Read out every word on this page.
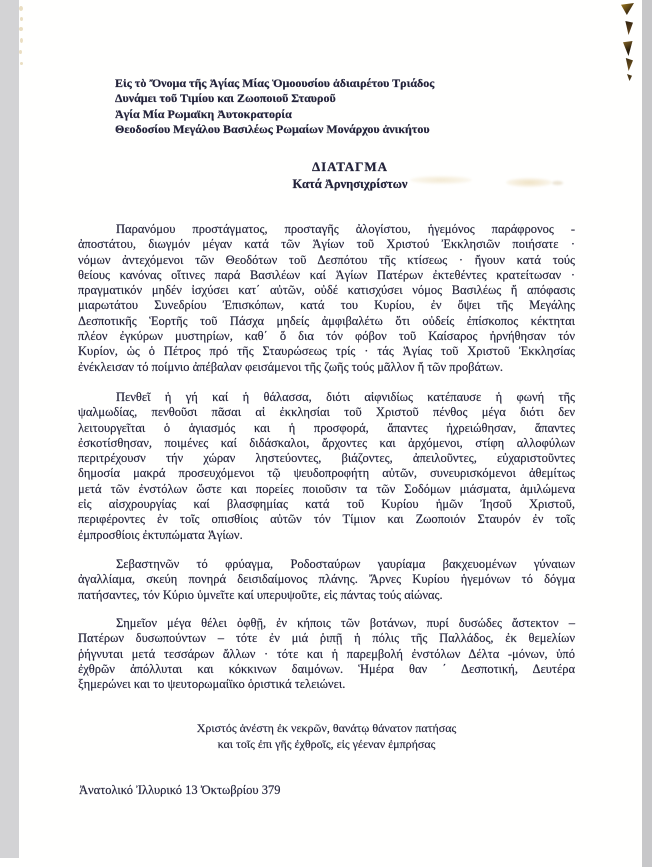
Εἰς τὸ Ὄνομα τῆς Ἁγίας Μίας Ὁμοουσίου ἀδιαιρέτου Τριάδος
Δυνάμει τοῦ Τιμίου και Ζωοποιοῦ Σταυροῦ
Ἁγία Μία Ρωμαϊκη Ἀυτοκρατορία
Θεοδοσίου Μεγάλου Βασιλέως Ρωμαίων Μονάρχου ἀνικήτου
ΔΙΑΤΑΓΜΑ
Κατά Ἀρνησιχρίστων
Παρανόμου προστάγματος, προσταγῆς ἀλογίστου, ἡγεμόνος παράφρονος -
ἀποστάτου, διωγμόν μέγαν κατά τῶν Ἁγίων τοῦ Χριστού Ἐκκλησιῶν ποιήσατε ·
νόμων ἀντεχόμενοι τῶν Θεοδότων τοῦ Δεσπότου τῆς κτίσεως · ἤγουν κατά τούς
θείους κανόνας οἵτινες παρά Βασιλέων καί Ἁγίων Πατέρων ἐκτεθέντες κρατείτωσαν ·
πραγματικόν μηδέν ἰσχύσει κατ΄ αὐτῶν, οὐδέ κατισχύσει νόμος Βασιλέως ἤ απόφασις
μιαρωτάτου Συνεδρίου Ἐπισκόπων, κατά του Κυρίου, ἐν ὄψει τῆς Μεγάλης
Δεσποτικῆς Ἑορτῆς τοῦ Πάσχα μηδείς ἀμφιβαλέτω ὅτι οὐδείς ἐπίσκοπος κέκτηται
πλέον ἐγκύρων μυστηρίων, καθ΄ ὅ δια τόν φόβον τοῦ Καίσαρος ἠρνήθησαν τόν
Κυρίον, ὡς ὁ Πέτρος πρό τῆς Σταυρώσεως τρίς · τάς Ἁγίας τοῦ Χριστοῦ Ἐκκλησίας
ἐνέκλεισαν τό ποίμνιο ἀπέβαλαν φεισάμενοι τῆς ζωῆς τούς μᾶλλον ἤ τῶν προβάτων.
Πενθεῖ ἡ γή καί ἡ θάλασσα, διότι αἰφνιδίως κατέπαυσε ἡ φωνή τῆς
ψαλμωδίας, πενθοῦσι πᾶσαι αἱ ἐκκλησίαι τοῦ Χριστοῦ πένθος μέγα διότι δεν
λειτουργεῖται ὁ ἁγιασμός και ἡ προσφορά, ἅπαντες ἠχρειώθησαν, ἅπαντες
ἐσκοτίσθησαν, ποιμένες καί διδάσκαλοι, ἄρχοντες και ἀρχόμενοι, στίφη αλλοφύλων
περιτρέχουσν τήν χώραν ληστεύοντες, βιάζοντες, ἀπειλοῦντες, εὐχαριστοῦντες
δημοσία μακρά προσευχόμενοι τῷ ψευδοπροφήτη αὐτῶν, συνευρισκόμενοι ἀθεμίτως
μετά τῶν ἐνστόλων ὥστε και πορείες ποιοῦσιν τα τῶν Σοδόμων μιάσματα, ἁμιλώμενα
εἰς αἰσχρουργίας καί βλασφημίας κατά τοῦ Κυρίου ἡμῶν Ἰησοῦ Χριστοῦ,
περιφέροντες ἐν τοῖς οπισθίοις αὐτῶν τόν Τίμιον και Ζωοποιόν Σταυρόν ἐν τοῖς
ἐμπροσθίοις ἐκτυπώματα Ἁγίων.
Σεβαστηνῶν τό φρύαγμα, Ροδοσταύρων γαυρίαμα βακχευομένων γύναιων
ἀγαλλίαμα, σκεύη πονηρά δεισιδαίμονος πλάνης. Ἄρνες Κυρίου ἡγεμόνων τό δόγμα
πατήσαντες, τόν Κύριο ὑμνεῖτε καί υπερυψοῦτε, εἰς πάντας τούς αἰώνας.
Σημεῖον μέγα θέλει ὀφθῇ, ἐν κήποις τῶν βοτάνων, πυρί δυσώδες ἄστεκτον –
Πατέρων δυσωπούντων – τότε ἐν μιά ῥιπῇ ἡ πόλις τῆς Παλλάδος, ἐκ θεμελίων
ῥήγνυται μετά τεσσάρων ἄλλων · τότε και ἡ παρεμβολή ἐνστόλων Δέλτα -μόνων, ὑπό
ἐχθρῶν ἀπόλλυται και κόκκινων δαιμόνων. Ἡμέρα θαν ΄ Δεσποτική, Δευτέρα
ξημερώνει και το ψευτορωμαίϊκο ὁριστικά τελειώνει.
Χριστός ἀνέστη ἐκ νεκρῶν, θανάτῳ θάνατον πατήσας
και τοῖς ἐπι γῆς ἐχθροῖς, εἰς γέεναν ἐμπρήσας
Ἀνατολικό Ἰλλυρικό 13 Ὀκτωβρίου 379
